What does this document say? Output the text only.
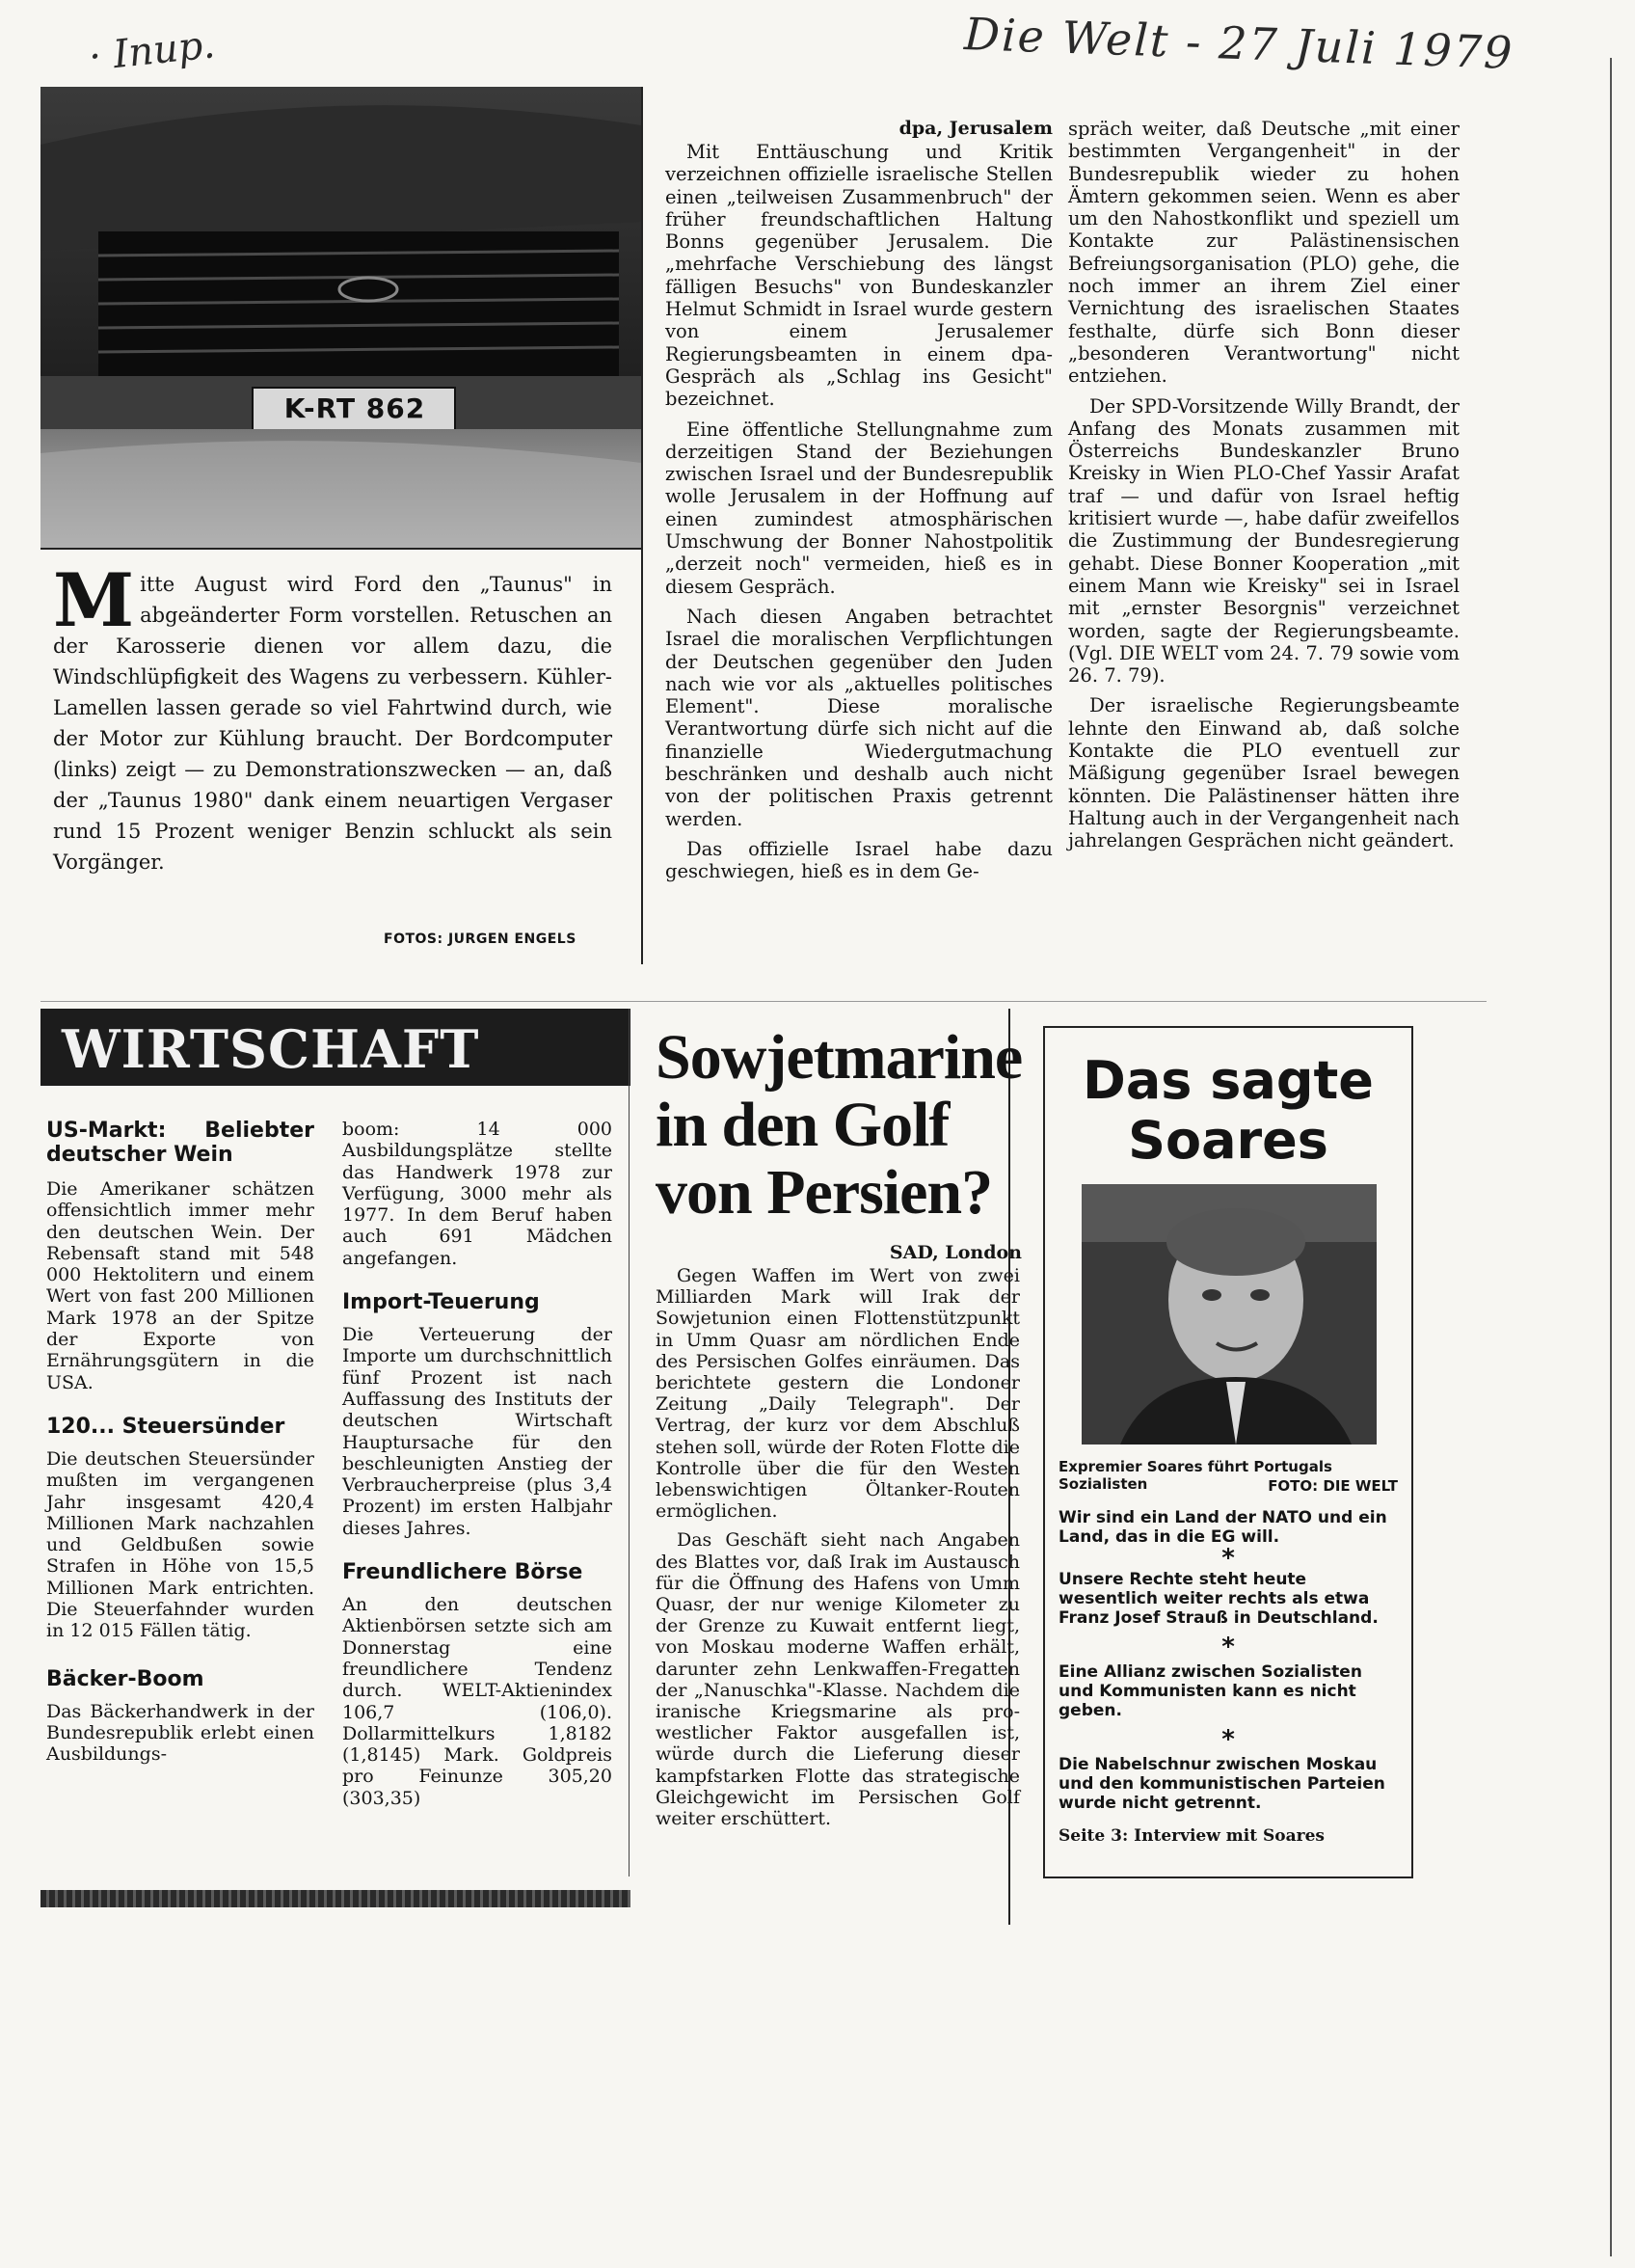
· Inup.	Die Welt - 27 Juli 1979
K-RT 862
Mitte August wird Ford den „Taunus" in abgeänderter Form vorstellen. Retuschen an der Karosserie dienen vor allem dazu, die Windschlüpfigkeit des Wagens zu verbessern. Kühler-Lamellen lassen gerade so viel Fahrtwind durch, wie der Motor zur Kühlung braucht. Der Bordcomputer (links) zeigt — zu Demonstrationszwecken — an, daß der „Taunus 1980" dank einem neuartigen Vergaser rund 15 Prozent weniger Benzin schluckt als sein Vorgänger.
FOTOS: JURGEN ENGELS
dpa, Jerusalem

Mit Enttäuschung und Kritik verzeichnen offizielle israelische Stellen einen „teilweisen Zusammenbruch" der früher freundschaftlichen Haltung Bonns gegenüber Jerusalem. Die „mehrfache Verschiebung des längst fälligen Besuchs" von Bundeskanzler Helmut Schmidt in Israel wurde gestern von einem Jerusalemer Regierungsbeamten in einem dpa-Gespräch als „Schlag ins Gesicht" bezeichnet.

Eine öffentliche Stellungnahme zum derzeitigen Stand der Beziehungen zwischen Israel und der Bundesrepublik wolle Jerusalem in der Hoffnung auf einen zumindest atmosphärischen Umschwung der Bonner Nahostpolitik „derzeit noch" vermeiden, hieß es in diesem Gespräch.

Nach diesen Angaben betrachtet Israel die moralischen Verpflichtungen der Deutschen gegenüber den Juden nach wie vor als „aktuelles politisches Element". Diese moralische Verantwortung dürfe sich nicht auf die finanzielle Wiedergutmachung beschränken und deshalb auch nicht von der politischen Praxis getrennt werden.

Das offizielle Israel habe dazu geschwiegen, hieß es in dem Ge-

spräch weiter, daß Deutsche „mit einer bestimmten Vergangenheit" in der Bundesrepublik wieder zu hohen Ämtern gekommen seien. Wenn es aber um den Nahostkonflikt und speziell um Kontakte zur Palästinensischen Befreiungsorganisation (PLO) gehe, die noch immer an ihrem Ziel einer Vernichtung des israelischen Staates festhalte, dürfe sich Bonn dieser „besonderen Verantwortung" nicht entziehen.

Der SPD-Vorsitzende Willy Brandt, der Anfang des Monats zusammen mit Österreichs Bundeskanzler Bruno Kreisky in Wien PLO-Chef Yassir Arafat traf — und dafür von Israel heftig kritisiert wurde —, habe dafür zweifellos die Zustimmung der Bundesregierung gehabt. Diese Bonner Kooperation „mit einem Mann wie Kreisky" sei in Israel mit „ernster Besorgnis" verzeichnet worden, sagte der Regierungsbeamte. (Vgl. DIE WELT vom 24. 7. 79 sowie vom 26. 7. 79).

Der israelische Regierungsbeamte lehnte den Einwand ab, daß solche Kontakte die PLO eventuell zur Mäßigung gegenüber Israel bewegen könnten. Die Palästinenser hätten ihre Haltung auch in der Vergangenheit nach jahrelangen Gesprächen nicht geändert.

WIRTSCHAFT
US-Markt: Beliebter deutscher Wein

Die Amerikaner schätzen offensichtlich immer mehr den deutschen Wein. Der Rebensaft stand mit 548 000 Hektolitern und einem Wert von fast 200 Millionen Mark 1978 an der Spitze der Exporte von Ernährungsgütern in die USA.

120... Steuersünder

Die deutschen Steuersünder mußten im vergangenen Jahr insgesamt 420,4 Millionen Mark nachzahlen und Geldbußen sowie Strafen in Höhe von 15,5 Millionen Mark entrichten. Die Steuerfahnder wurden in 12 015 Fällen tätig.

Bäcker-Boom

Das Bäckerhandwerk in der Bundesrepublik erlebt einen Ausbildungs-

boom: 14 000 Ausbildungsplätze stellte das Handwerk 1978 zur Verfügung, 3000 mehr als 1977. In dem Beruf haben auch 691 Mädchen angefangen.

Import-Teuerung

Die Verteuerung der Importe um durchschnittlich fünf Prozent ist nach Auffassung des Instituts der deutschen Wirtschaft Hauptursache für den beschleunigten Anstieg der Verbraucherpreise (plus 3,4 Prozent) im ersten Halbjahr dieses Jahres.

Freundlichere Börse

An den deutschen Aktienbörsen setzte sich am Donnerstag eine freundlichere Tendenz durch. WELT-Aktienindex 106,7 (106,0). Dollarmittelkurs 1,8182 (1,8145) Mark. Goldpreis pro Feinunze 305,20 (303,35)

Sowjetmarine in den Golf von Persien?
SAD, London

Gegen Waffen im Wert von zwei Milliarden Mark will Irak der Sowjetunion einen Flottenstützpunkt in Umm Quasr am nördlichen Ende des Persischen Golfes einräumen. Das berichtete gestern die Londoner Zeitung „Daily Telegraph". Der Vertrag, der kurz vor dem Abschluß stehen soll, würde der Roten Flotte die Kontrolle über die für den Westen lebenswichtigen Öltanker-Routen ermöglichen.

Das Geschäft sieht nach Angaben des Blattes vor, daß Irak im Austausch für die Öffnung des Hafens von Umm Quasr, der nur wenige Kilometer zu der Grenze zu Kuwait entfernt liegt, von Moskau moderne Waffen erhält, darunter zehn Lenkwaffen-Fregatten der „Nanuschka"-Klasse. Nachdem die iranische Kriegsmarine als pro-westlicher Faktor ausgefallen ist, würde durch die Lieferung dieser kampfstarken Flotte das strategische Gleichgewicht im Persischen Golf weiter erschüttert.

Das sagte Soares
Expremier Soares führt Portugals Sozialisten	FOTO: DIE WELT
Wir sind ein Land der NATO und ein Land, das in die EG will.
*
Unsere Rechte steht heute wesentlich weiter rechts als etwa Franz Josef Strauß in Deutschland.
*
Eine Allianz zwischen Sozialisten und Kommunisten kann es nicht geben.
*
Die Nabelschnur zwischen Moskau und den kommunistischen Parteien wurde nicht getrennt.
Seite 3: Interview mit Soares
